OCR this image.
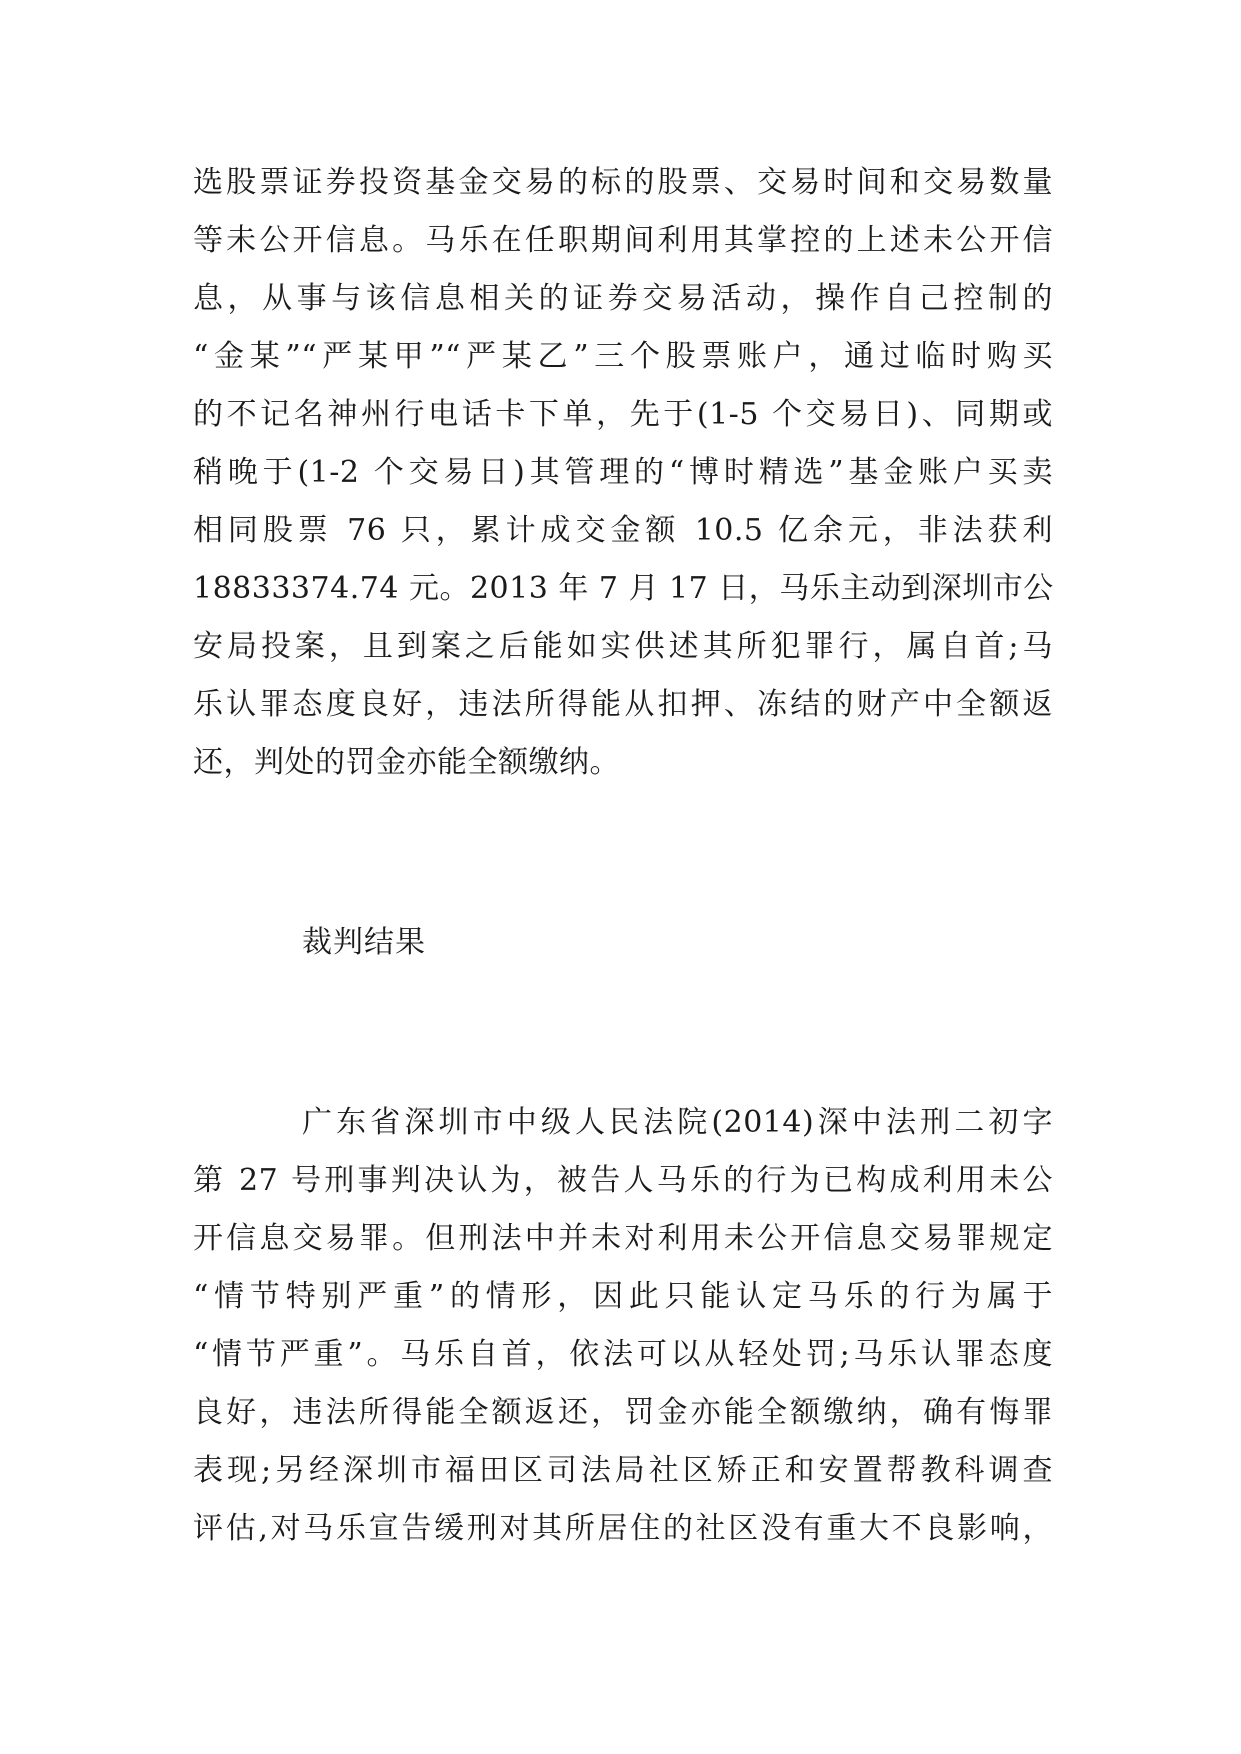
选股票证券投资基金交易的标的股票、交易时间和交易数量
等未公开信息。马乐在任职期间利用其掌控的上述未公开信
息，从事与该信息相关的证券交易活动，操作自己控制的
“金某”“严某甲”“严某乙”三个股票账户，通过临时购买
的不记名神州行电话卡下单，先于(1-5 个交易日)、同期或
稍晚于(1-2 个交易日)其管理的“博时精选”基金账户买卖
相同股票 76 只，累计成交金额 10.5 亿余元，非法获利
18833374.74 元。2013 年 7 月 17 日，马乐主动到深圳市公
安局投案，且到案之后能如实供述其所犯罪行，属自首;马
乐认罪态度良好，违法所得能从扣押、冻结的财产中全额返
还，判处的罚金亦能全额缴纳。
裁判结果
广东省深圳市中级人民法院(2014)深中法刑二初字
第 27 号刑事判决认为，被告人马乐的行为已构成利用未公
开信息交易罪。但刑法中并未对利用未公开信息交易罪规定
“情节特别严重”的情形，因此只能认定马乐的行为属于
“情节严重”。马乐自首，依法可以从轻处罚;马乐认罪态度
良好，违法所得能全额返还，罚金亦能全额缴纳，确有悔罪
表现;另经深圳市福田区司法局社区矫正和安置帮教科调查
评估,对马乐宣告缓刑对其所居住的社区没有重大不良影响，
